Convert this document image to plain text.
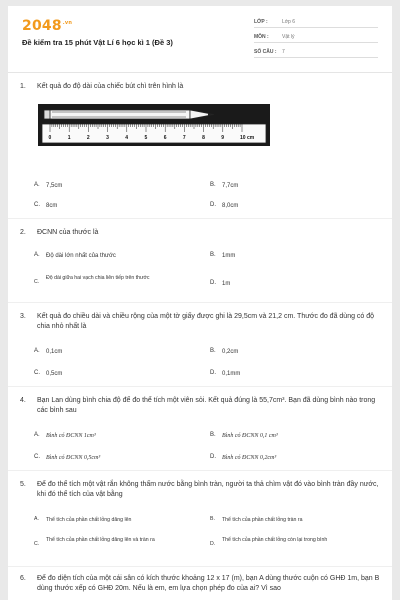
$2048^{.vn}$
Đề kiểm tra 15 phút Vật Lí 6 học kì 1 (Đề 3)
LỚP :	Lớp 6
MÔN :	Vật lý
SỐ CÂU : 7
1. Kết quả đo độ dài của chiếc bút chì trên hình là
0	1	2	3	4	5	6	7	8	9	10 cm
A. 7,5cm	B. 7,7cm
C. 8cm	D. 8,0cm
2. ĐCNN của thước là
A. Độ dài lớn nhất của thước	B. 1mm
C.
Độ dài giữa hai vạch chia liên tiếp trên thước
D. 1m
3. Kết quả đo chiều dài và chiều rộng của một tờ giấy được ghi là 29,5cm và 21,2 cm. Thước đo đã dùng có độ chia nhỏ nhất là
A. 0,1cm	B. 0,2cm
C. 0,5cm	D. 0,1mm
4. Bạn Lan dùng bình chia độ để đo thể tích một viên sỏi. Kết quả đúng là 55,7cm³. Bạn đã dùng bình nào trong các bình sau
A. Bình có ĐCNN 1cm³	B. Bình có ĐCNN 0,1 cm³
C. Bình có ĐCNN 0,5cm³	D. Bình có ĐCNN 0,2cm³
5. Để đo thể tích một vật rắn không thấm nước bằng bình tràn, người ta thả chìm vật đó vào bình tràn đầy nước, khi đó thể tích của vật bằng
A. Thể tích của phần chất lỏng dâng lên	B. Thể tích của phần chất lỏng tràn ra
C.
Thể tích của phần chất lỏng dâng lên và tràn ra
D.
Thể tích của phần chất lỏng còn lại trong bình
6. Để đo diện tích của một cái sân có kích thước khoảng 12 x 17 (m), bạn A dùng thước cuộn có GHĐ 1m, bạn B dùng thước xếp có GHĐ 20m. Nếu là em, em lựa chọn phép đo của ai? Vì sao
